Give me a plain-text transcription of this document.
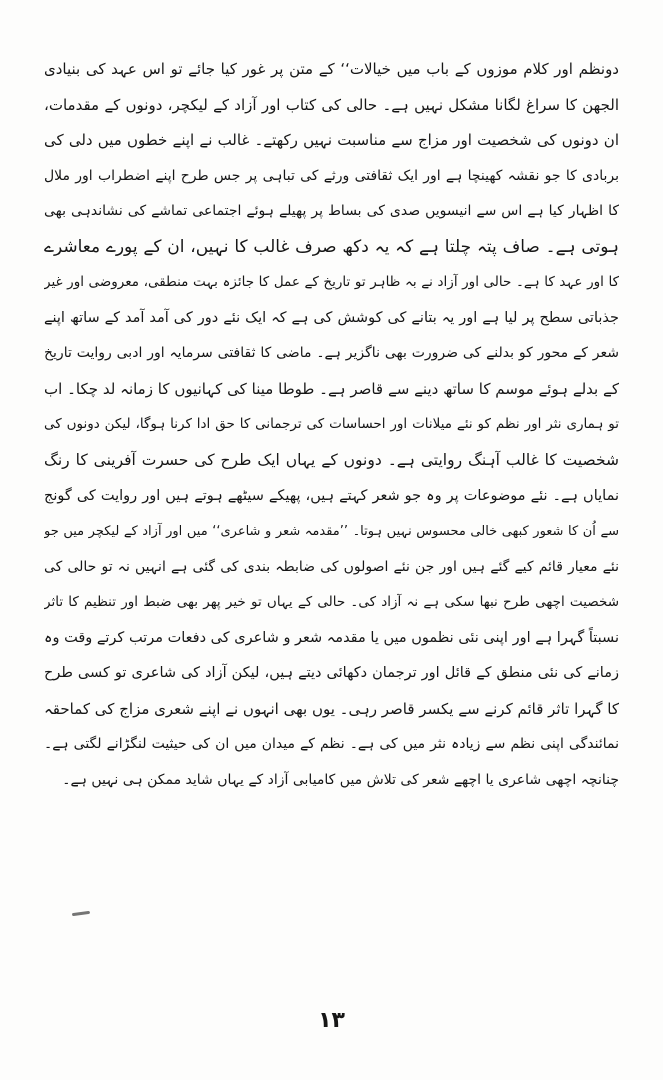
دونظم اور کلام موزوں کے باب میں خیالات‘‘ کے متن پر غور کیا جائے تو اس عہد کی بنیادی
الجھن کا سراغ لگانا مشکل نہیں ہے۔ حالی کی کتاب اور آزاد کے لیکچر، دونوں کے مقدمات،
ان دونوں کی شخصیت اور مزاج سے مناسبت نہیں رکھتے۔ غالب نے اپنے خطوں میں دلی کی
بربادی کا جو نقشہ کھینچا ہے اور ایک ثقافتی ورثے کی تباہی پر جس طرح اپنے اضطراب اور ملال
کا اظہار کیا ہے اس سے انیسویں صدی کی بساط پر پھیلے ہوئے اجتماعی تماشے کی نشاندہی بھی
ہوتی ہے۔ صاف پتہ چلتا ہے کہ یہ دکھ صرف غالب کا نہیں، ان کے پورے معاشرے
کا اور عہد کا ہے۔ حالی اور آزاد نے بہ ظاہر تو تاریخ کے عمل کا جائزہ بہت منطقی، معروضی اور غیر
جذباتی سطح پر لیا ہے اور یہ بتانے کی کوشش کی ہے کہ ایک نئے دور کی آمد آمد کے ساتھ اپنے
شعر کے محور کو بدلنے کی ضرورت بھی ناگزیر ہے۔ ماضی کا ثقافتی سرمایہ اور ادبی روایت تاریخ
کے بدلے ہوئے موسم کا ساتھ دینے سے قاصر ہے۔ طوطا مینا کی کہانیوں کا زمانہ لد چکا۔ اب
تو ہماری نثر اور نظم کو نئے میلانات اور احساسات کی ترجمانی کا حق ادا کرنا ہوگا، لیکن دونوں کی
شخصیت کا غالب آہنگ روایتی ہے۔ دونوں کے یہاں ایک طرح کی حسرت آفرینی کا رنگ
نمایاں ہے۔ نئے موضوعات پر وہ جو شعر کہتے ہیں، پھیکے سیٹھے ہوتے ہیں اور روایت کی گونج
سے اُن کا شعور کبھی خالی محسوس نہیں ہوتا۔ ’’مقدمہ شعر و شاعری‘‘ میں اور آزاد کے لیکچر میں جو
نئے معیار قائم کیے گئے ہیں اور جن نئے اصولوں کی ضابطہ بندی کی گئی ہے انہیں نہ تو حالی کی
شخصیت اچھی طرح نبھا سکی ہے نہ آزاد کی۔ حالی کے یہاں تو خیر پھر بھی ضبط اور تنظیم کا تاثر
نسبتاً گہرا ہے اور اپنی نئی نظموں میں یا مقدمہ شعر و شاعری کی دفعات مرتب کرتے وقت وہ
زمانے کی نئی منطق کے قائل اور ترجمان دکھائی دیتے ہیں، لیکن آزاد کی شاعری تو کسی طرح
کا گہرا تاثر قائم کرنے سے یکسر قاصر رہی۔ یوں بھی انہوں نے اپنے شعری مزاج کی کماحقہ
نمائندگی اپنی نظم سے زیادہ نثر میں کی ہے۔ نظم کے میدان میں ان کی حیثیت لنگڑانے لگتی ہے۔
چنانچہ اچھی شاعری یا اچھے شعر کی تلاش میں کامیابی آزاد کے یہاں شاید ممکن ہی نہیں ہے۔
۱۳
